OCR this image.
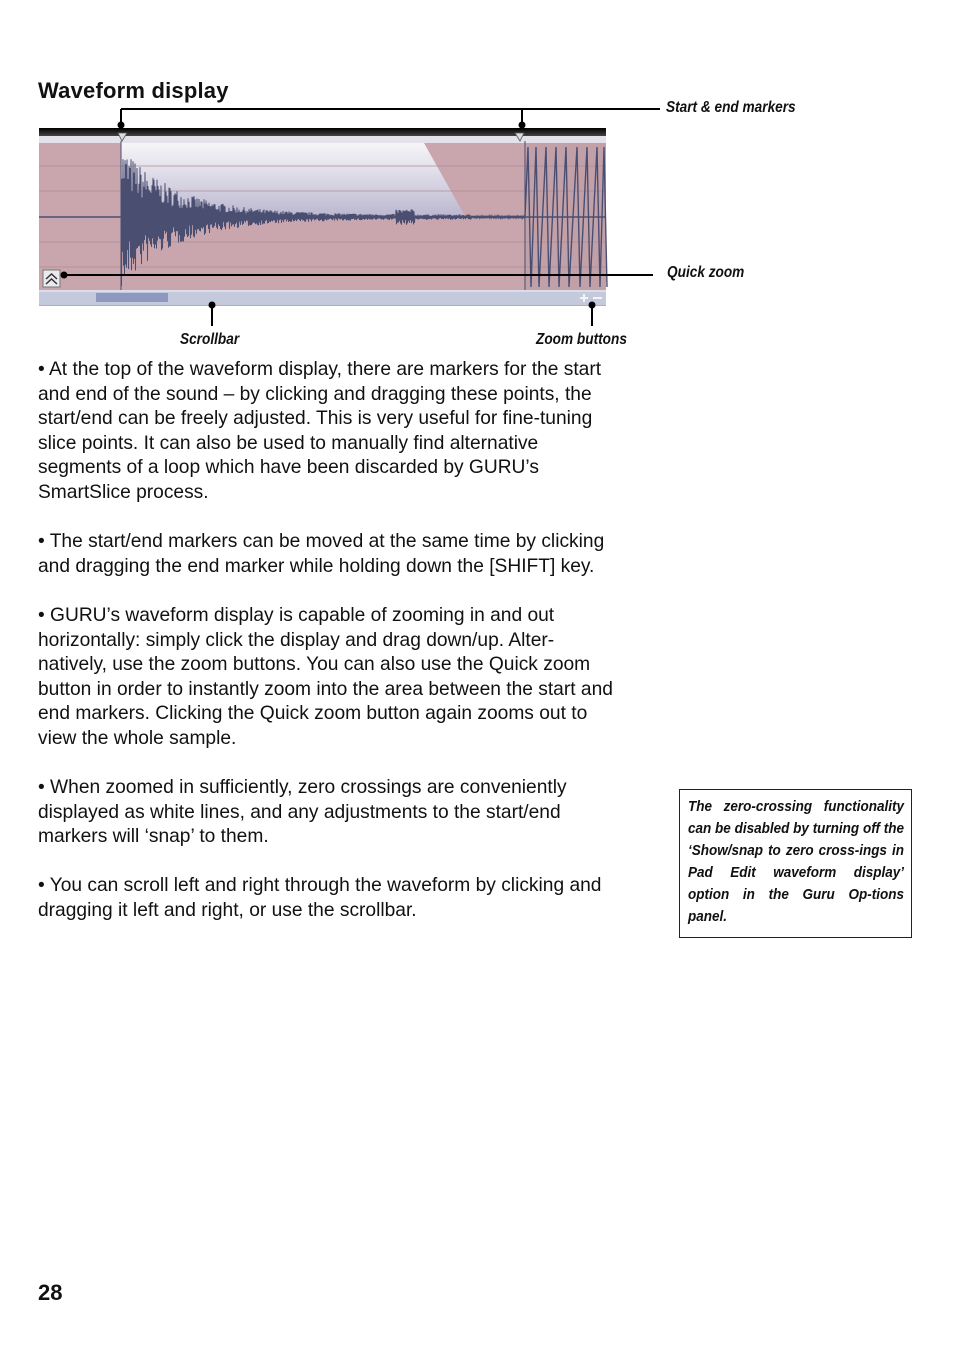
Waveform display
Start & end markers
Quick zoom
Scrollbar	Zoom buttons

• At the top of the waveform display, there are markers for the start and end of the sound – by clicking and dragging these points, the start/end can be freely adjusted. This is very useful for fine-tuning slice points. It can also be used to manually find alternative segments of a loop which have been discarded by GURU’s SmartSlice process.

• The start/end markers can be moved at the same time by clicking and dragging the end marker while holding down the [SHIFT] key.

• GURU’s waveform display is capable of zooming in and out horizontally: simply click the display and drag down/up. Alter-natively, use the zoom buttons. You can also use the Quick zoom button in order to instantly zoom into the area between the start and end markers. Clicking the Quick zoom button again zooms out to view the whole sample.

• When zoomed in sufficiently, zero crossings are conveniently displayed as white lines, and any adjustments to the start/end markers will ‘snap’ to them.

• You can scroll left and right through the waveform by clicking and dragging it left and right, or use the scrollbar.

The zero-crossing functionality can be disabled by turning off the ‘Show/snap to zero cross-ings in Pad Edit waveform display’ option in the Guru Op-tions panel.
28
